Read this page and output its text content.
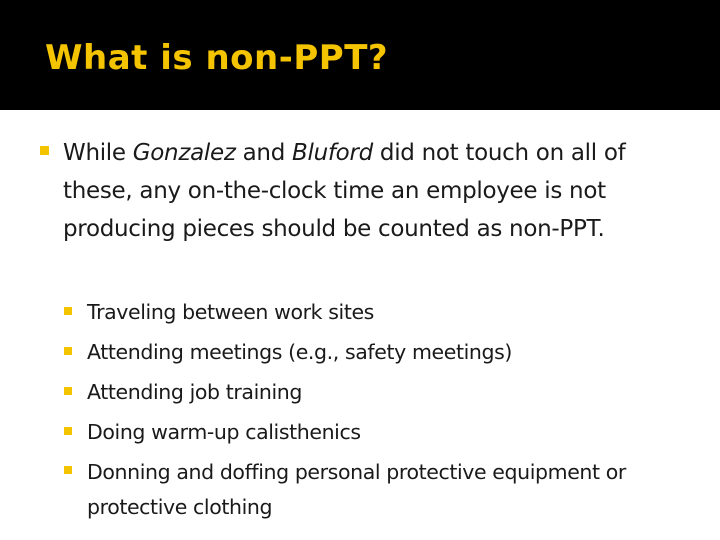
What is non-PPT?
While Gonzalez and Bluford did not touch on all of these, any on-the-clock time an employee is not producing pieces should be counted as non-PPT.
Traveling between work sites
Attending meetings (e.g., safety meetings)
Attending job training
Doing warm-up calisthenics
Donning and doffing personal protective equipment or protective clothing
